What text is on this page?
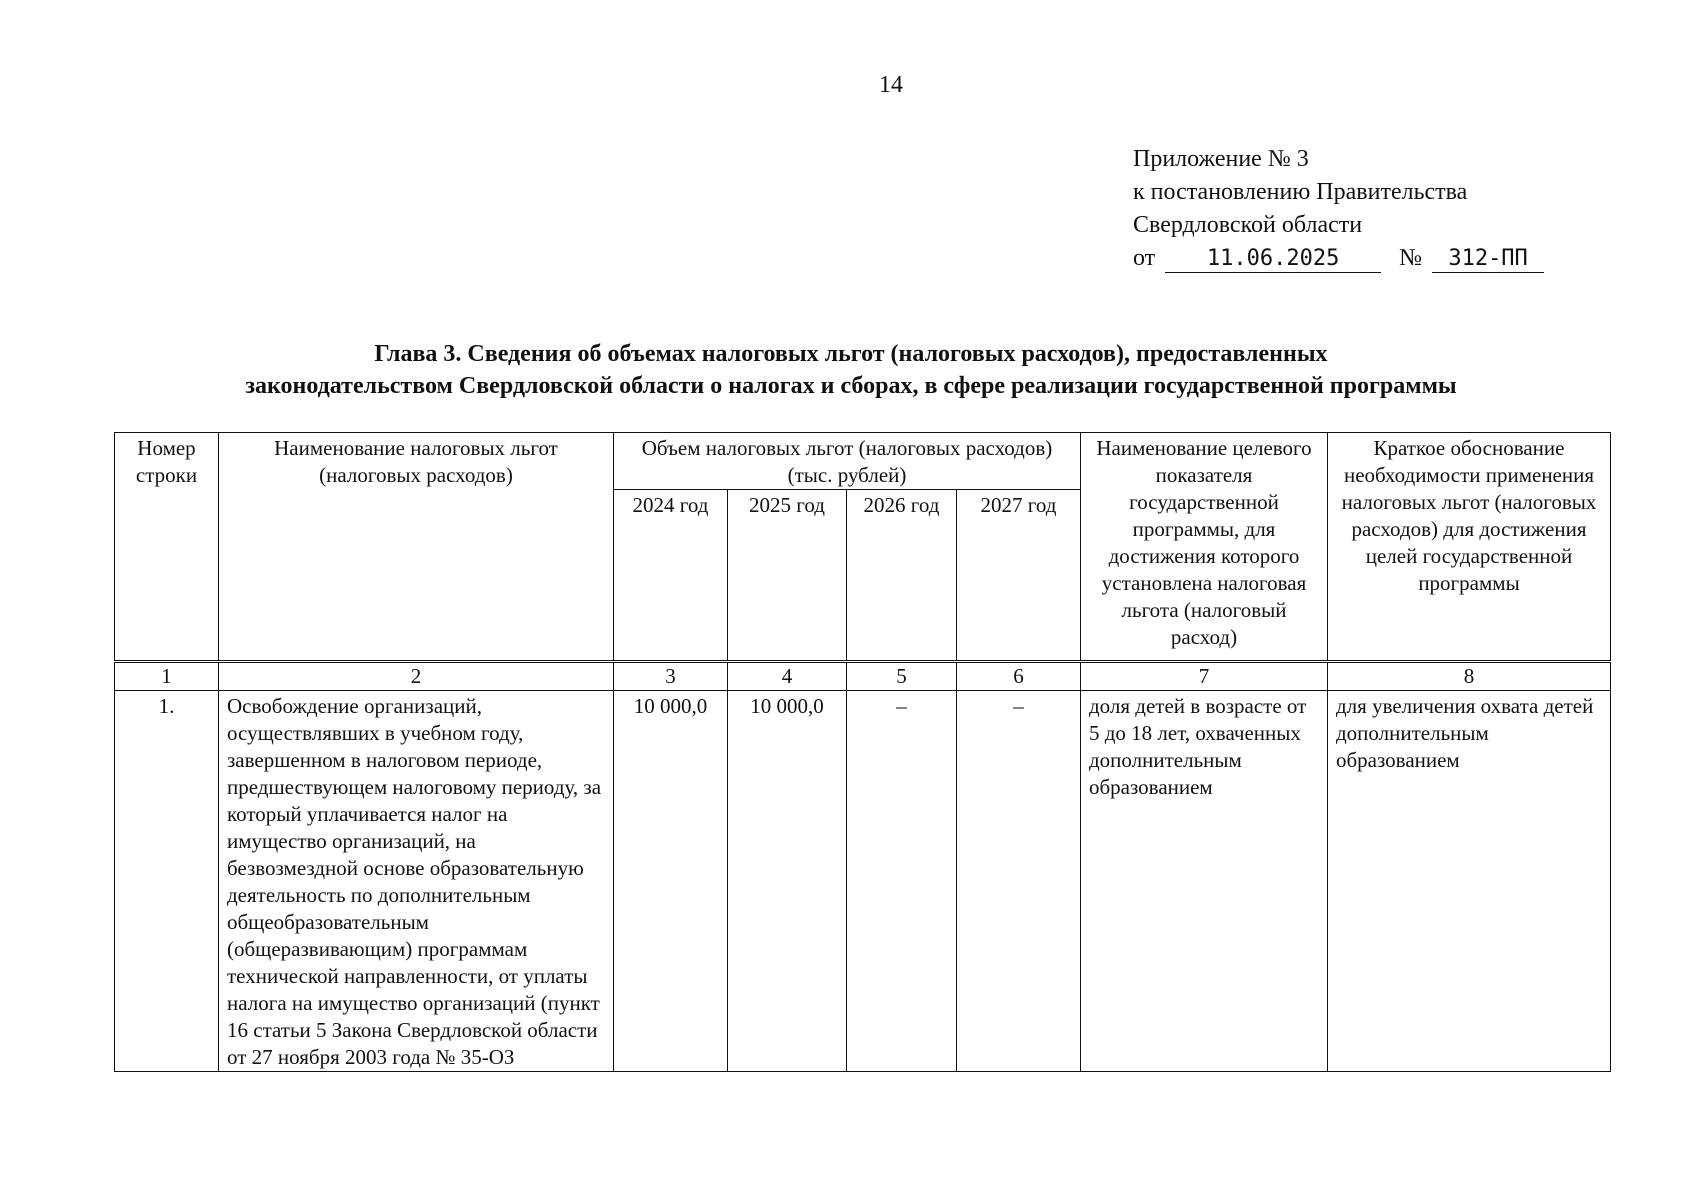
14
Приложение № 3
к постановлению Правительства
Свердловской области
от 11.06.2025 № 312-ПП
Глава 3. Сведения об объемах налоговых льгот (налоговых расходов), предоставленных
законодательством Свердловской области о налогах и сборах, в сфере реализации государственной программы
Номер строки	Наименование налоговых льгот (налоговых расходов)	Объем налоговых льгот (налоговых расходов) (тыс. рублей)				Наименование целевого показателя государственной программы, для достижения которого установлена налоговая льгота (налоговый расход)	Краткое обоснование необходимости применения налоговых льгот (налоговых расходов) для достижения целей государственной программы
		2024 год	2025 год	2026 год	2027 год		
1	2	3	4	5	6	7	8
1.	Освобождение организаций, осуществлявших в учебном году, завершенном в налоговом периоде, предшествующем налоговому периоду, за который уплачивается налог на имущество организаций, на безвозмездной основе образовательную деятельность по дополнительным общеобразовательным (общеразвивающим) программам технической направленности, от уплаты налога на имущество организаций (пункт 16 статьи 5 Закона Свердловской области от 27 ноября 2003 года № 35-ОЗ	10 000,0	10 000,0	–	–	доля детей в возрасте от 5 до 18 лет, охваченных дополнительным образованием	для увеличения охвата детей дополнительным образованием
